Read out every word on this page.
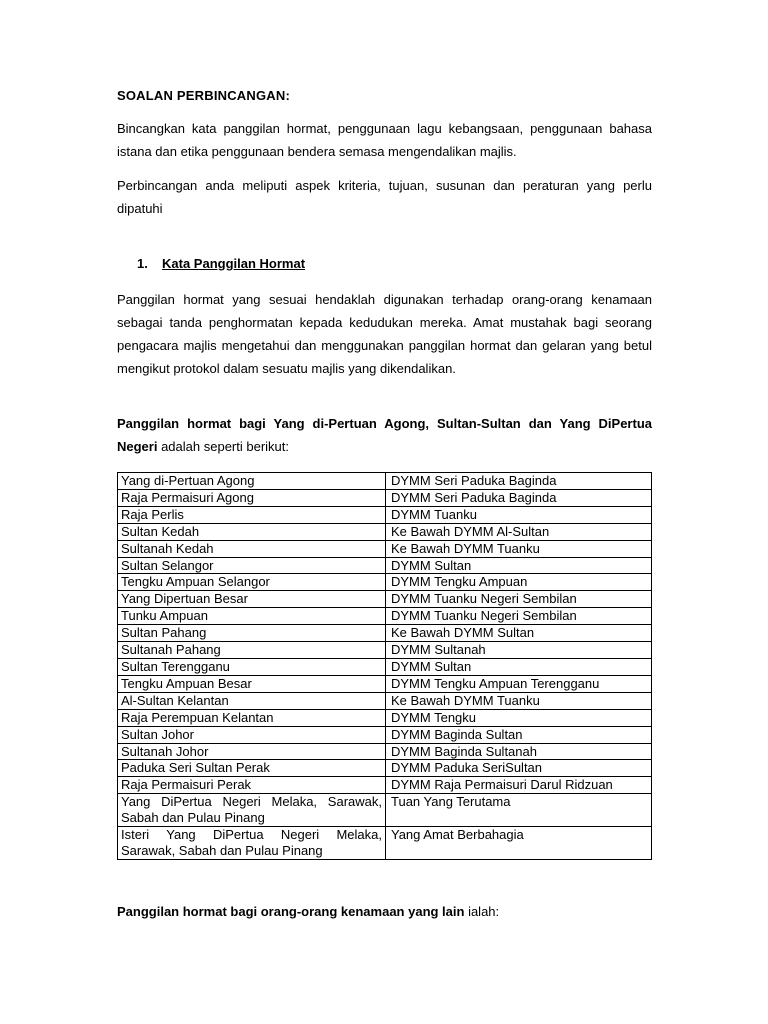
SOALAN PERBINCANGAN:
Bincangkan kata panggilan hormat, penggunaan lagu kebangsaan, penggunaan bahasa istana dan etika penggunaan bendera semasa mengendalikan majlis.
Perbincangan anda meliputi aspek kriteria, tujuan, susunan dan peraturan yang perlu dipatuhi
1. Kata Panggilan Hormat
Panggilan hormat yang sesuai hendaklah digunakan terhadap orang-orang kenamaan sebagai tanda penghormatan kepada kedudukan mereka. Amat mustahak bagi seorang pengacara majlis mengetahui dan menggunakan panggilan hormat dan gelaran yang betul mengikut protokol dalam sesuatu majlis yang dikendalikan.
Panggilan hormat bagi Yang di-Pertuan Agong, Sultan-Sultan dan Yang DiPertua Negeri adalah seperti berikut:
Yang di-Pertuan Agong	DYMM Seri Paduka Baginda
Raja Permaisuri Agong	DYMM Seri Paduka Baginda
Raja Perlis	DYMM Tuanku
Sultan Kedah	Ke Bawah DYMM Al-Sultan
Sultanah Kedah	Ke Bawah DYMM Tuanku
Sultan Selangor	DYMM Sultan
Tengku Ampuan Selangor	DYMM Tengku Ampuan
Yang Dipertuan Besar	DYMM Tuanku Negeri Sembilan
Tunku Ampuan	DYMM Tuanku Negeri Sembilan
Sultan Pahang	Ke Bawah DYMM Sultan
Sultanah Pahang	DYMM Sultanah
Sultan Terengganu	DYMM Sultan
Tengku Ampuan Besar	DYMM Tengku Ampuan Terengganu
Al-Sultan Kelantan	Ke Bawah DYMM Tuanku
Raja Perempuan Kelantan	DYMM Tengku
Sultan Johor	DYMM Baginda Sultan
Sultanah Johor	DYMM Baginda Sultanah
Paduka Seri Sultan Perak	DYMM Paduka SeriSultan
Raja Permaisuri Perak	DYMM Raja Permaisuri Darul Ridzuan
Yang DiPertua Negeri Melaka, Sarawak, Sabah dan Pulau Pinang	Tuan Yang Terutama
Isteri Yang DiPertua Negeri Melaka, Sarawak, Sabah dan Pulau Pinang	Yang Amat Berbahagia
Panggilan hormat bagi orang-orang kenamaan yang lain ialah:
